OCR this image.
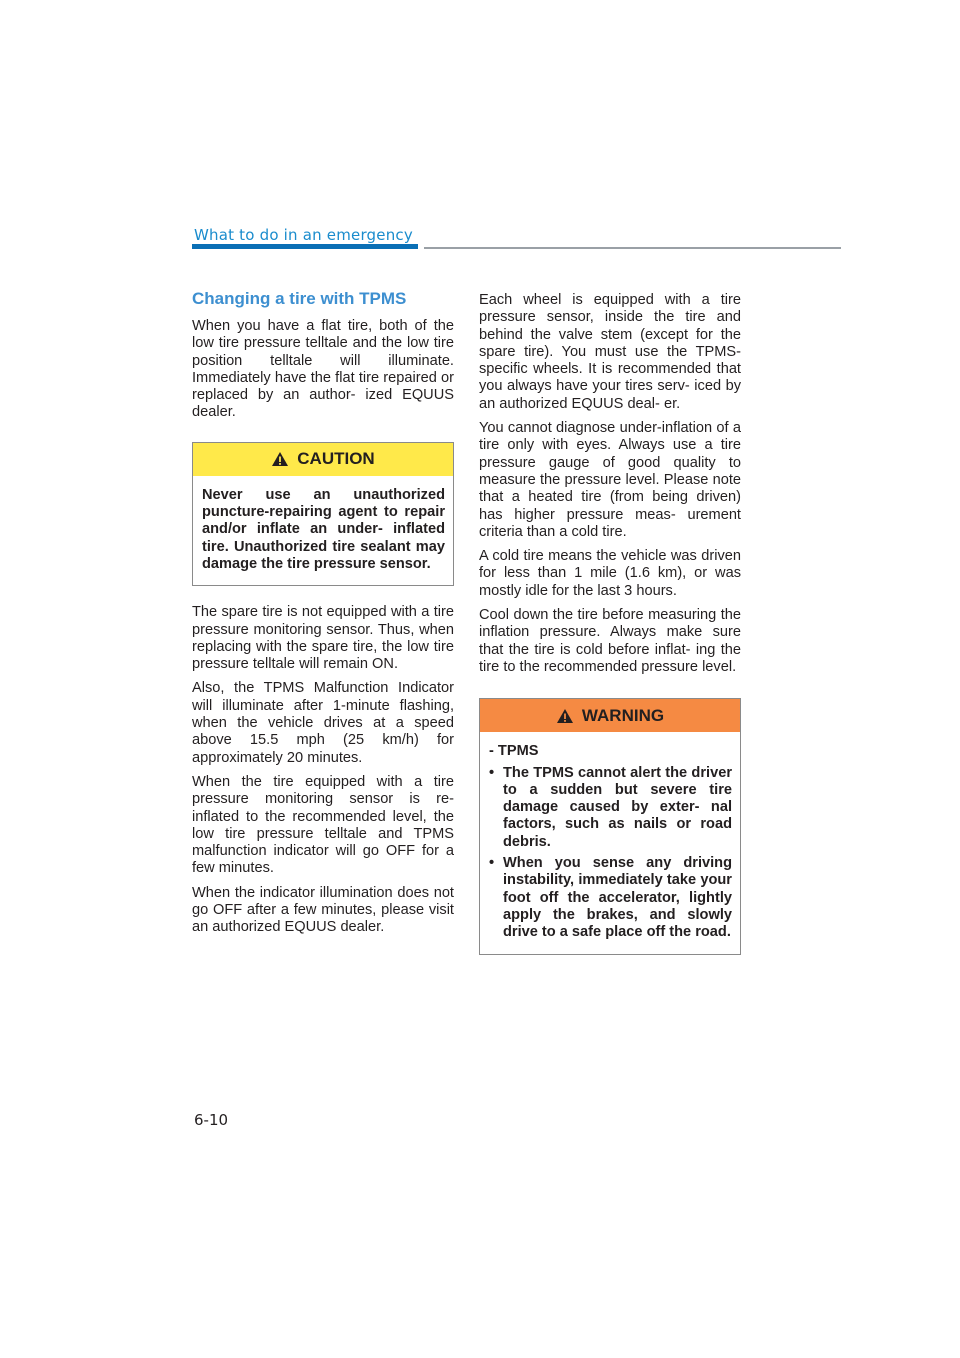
What to do in an emergency
Changing a tire with TPMS

When you have a flat tire, both of the low tire pressure telltale and the low tire position telltale will illuminate. Immediately have the flat tire repaired or replaced by an author- ized EQUUS dealer.

CAUTION
Never use an unauthorized puncture-repairing agent to repair and/or inflate an under- inflated tire. Unauthorized tire sealant may damage the tire pressure sensor.

The spare tire is not equipped with a tire pressure monitoring sensor. Thus, when replacing with the spare tire, the low tire pressure telltale will remain ON.

Also, the TPMS Malfunction Indicator will illuminate after 1-minute flashing, when the vehicle drives at a speed above 15.5 mph (25 km/h) for approximately 20 minutes.

When the tire equipped with a tire pressure monitoring sensor is re- inflated to the recommended level, the low tire pressure telltale and TPMS malfunction indicator will go OFF for a few minutes.

When the indicator illumination does not go OFF after a few minutes, please visit an authorized EQUUS dealer.

Each wheel is equipped with a tire pressure sensor, inside the tire and behind the valve stem (except for the spare tire). You must use the TPMS- specific wheels. It is recommended that you always have your tires serv- iced by an authorized EQUUS deal- er.

You cannot diagnose under-inflation of a tire only with eyes. Always use a tire pressure gauge of good quality to measure the pressure level. Please note that a heated tire (from being driven) has higher pressure meas- urement criteria than a cold tire.

A cold tire means the vehicle was driven for less than 1 mile (1.6 km), or was mostly idle for the last 3 hours.

Cool down the tire before measuring the inflation pressure. Always make sure that the tire is cold before inflat- ing the tire to the recommended pressure level.

WARNING
- TPMS
• The TPMS cannot alert the driver to a sudden but severe tire damage caused by exter- nal factors, such as nails or road debris.
• When you sense any driving instability, immediately take your foot off the accelerator, lightly apply the brakes, and slowly drive to a safe place off the road.
6-10
